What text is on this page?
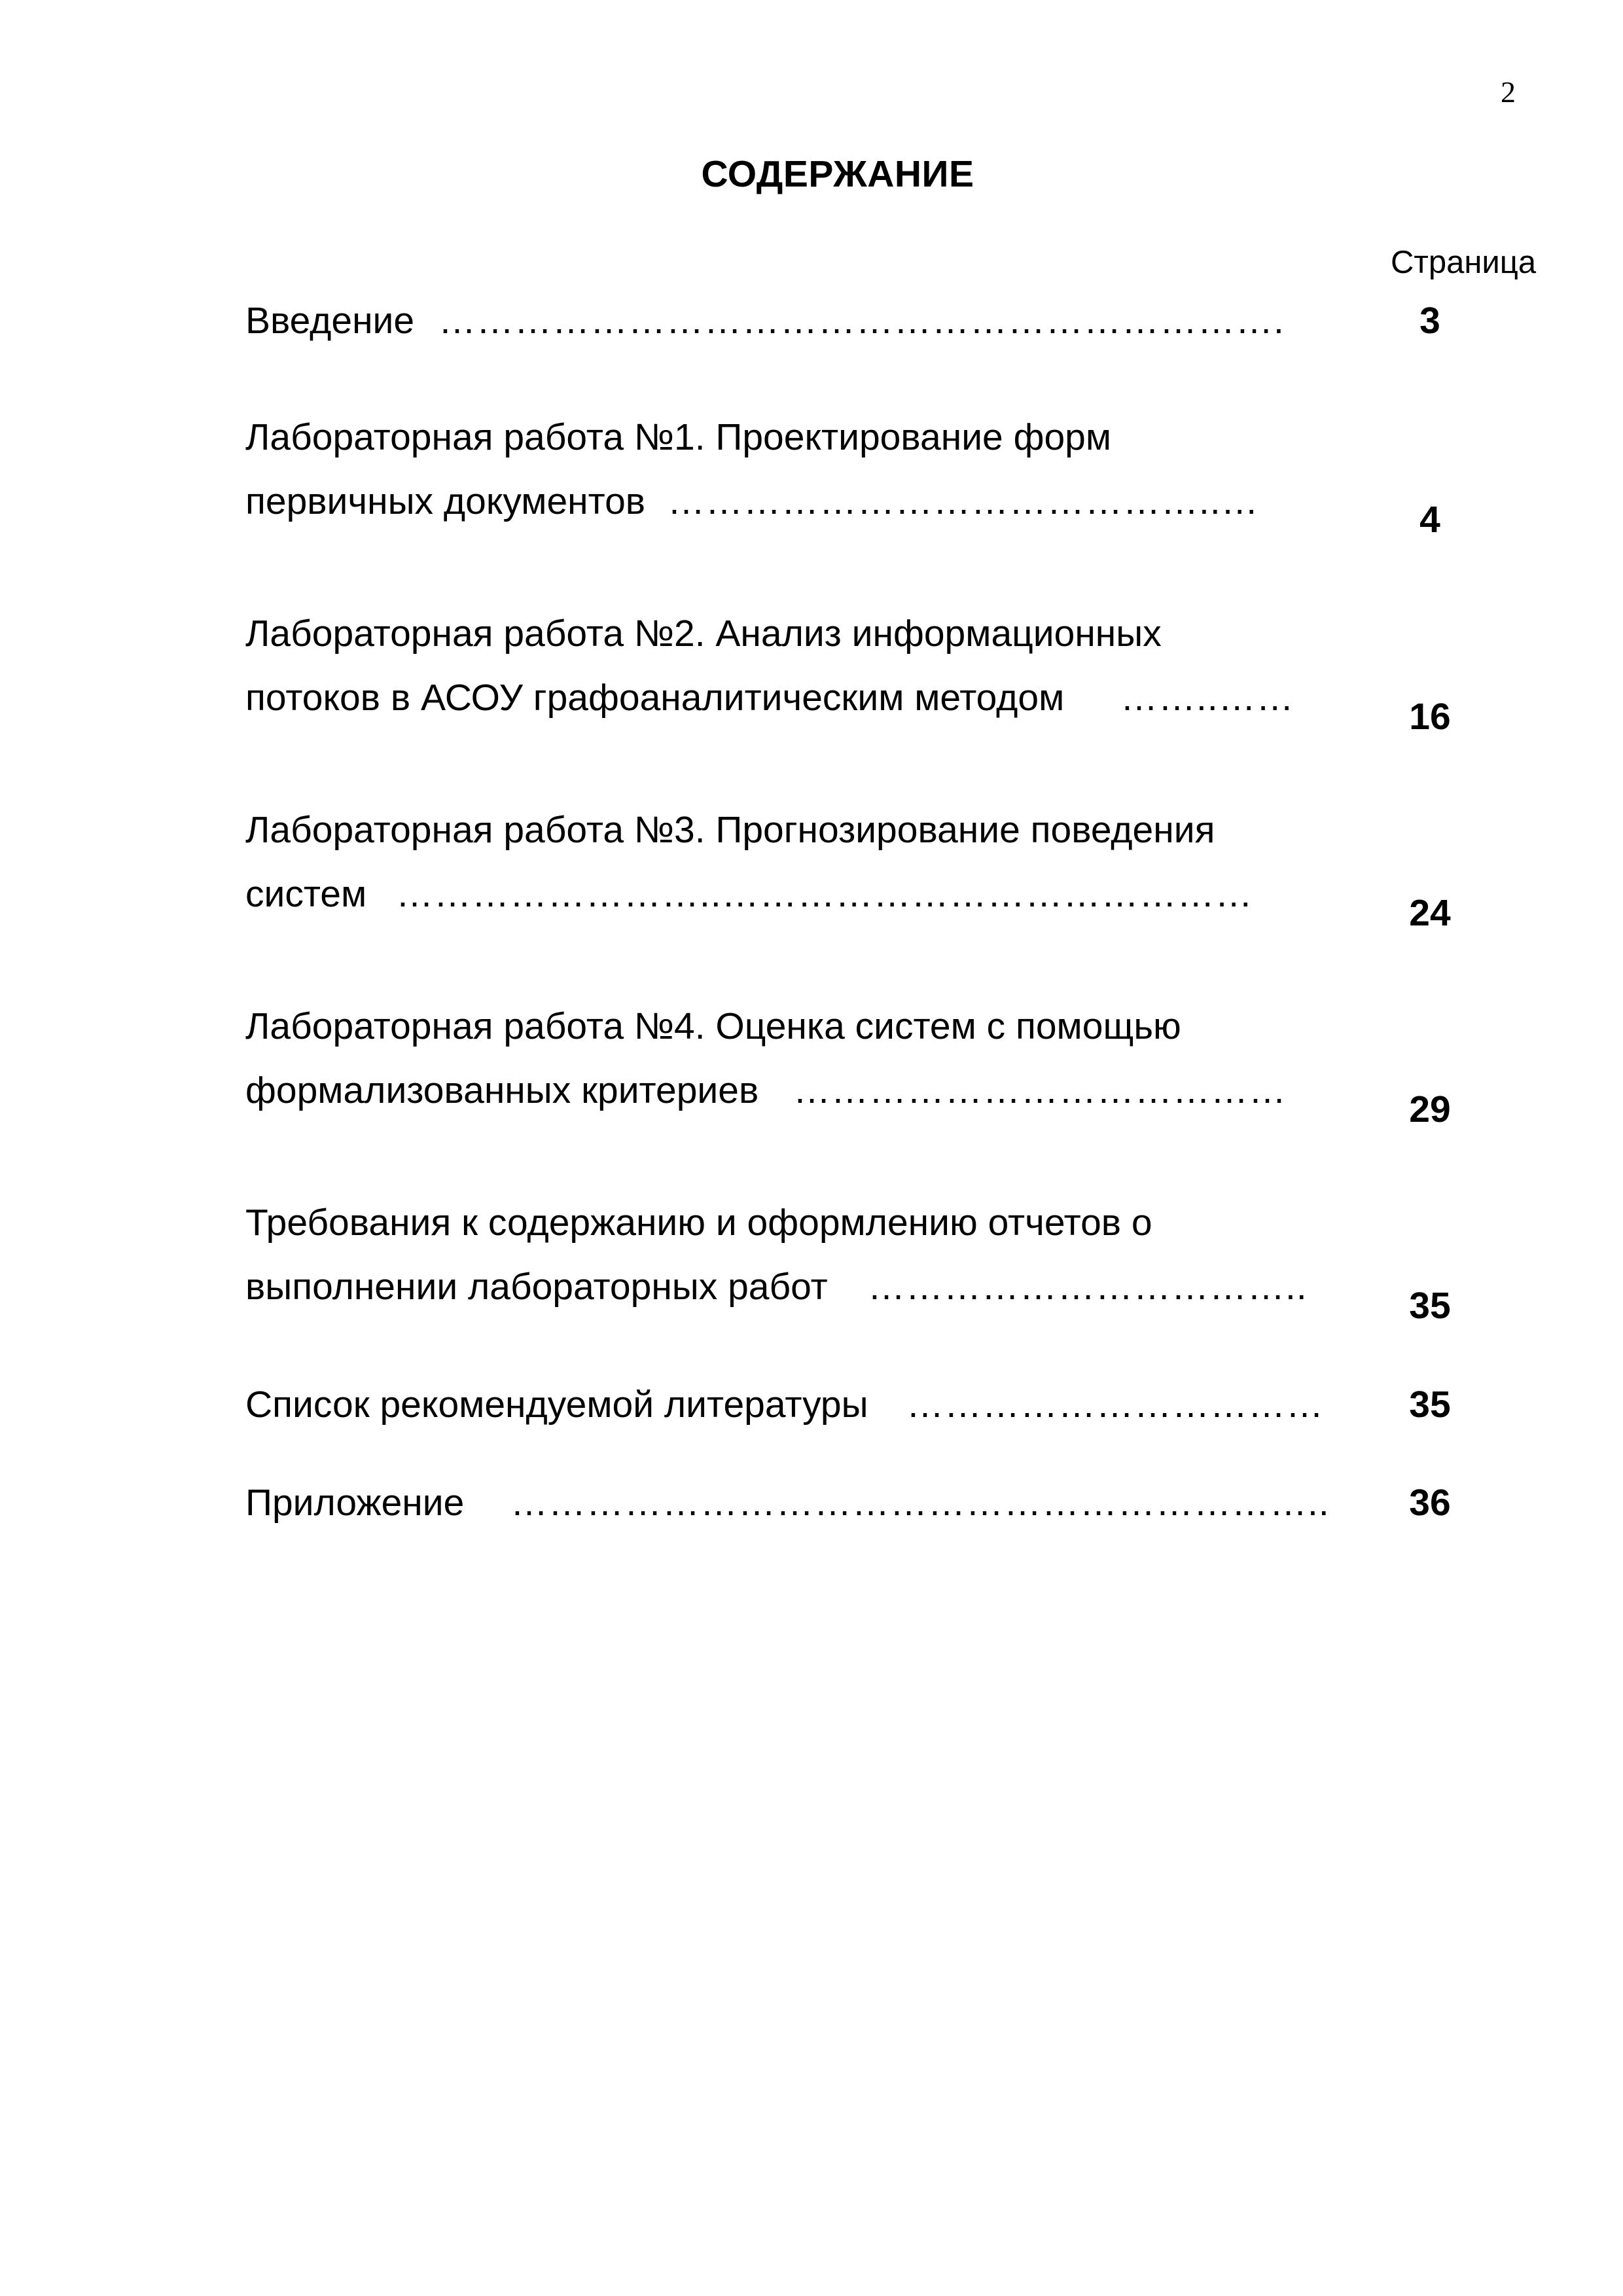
2
СОДЕРЖАНИЕ
Страница
Введение ………………………………………………………….	3
Лабораторная работа №1. Проектирование форм
первичных документов ……………………………………..…	4
Лабораторная работа №2. Анализ информационных
потоков в АСОУ графоаналитическим методом ……..……	16
Лабораторная работа №3. Прогнозирование поведения
систем ……………………..……………………………………	24
Лабораторная работа №4. Оценка систем с помощью
формализованных критериев …………………………………	29
Требования к содержанию и оформлению отчетов о
выполнении лабораторных работ ……………………………..	35
Список рекомендуемой литературы ……………………………	35
Приложение ………………………………………………………..	36
